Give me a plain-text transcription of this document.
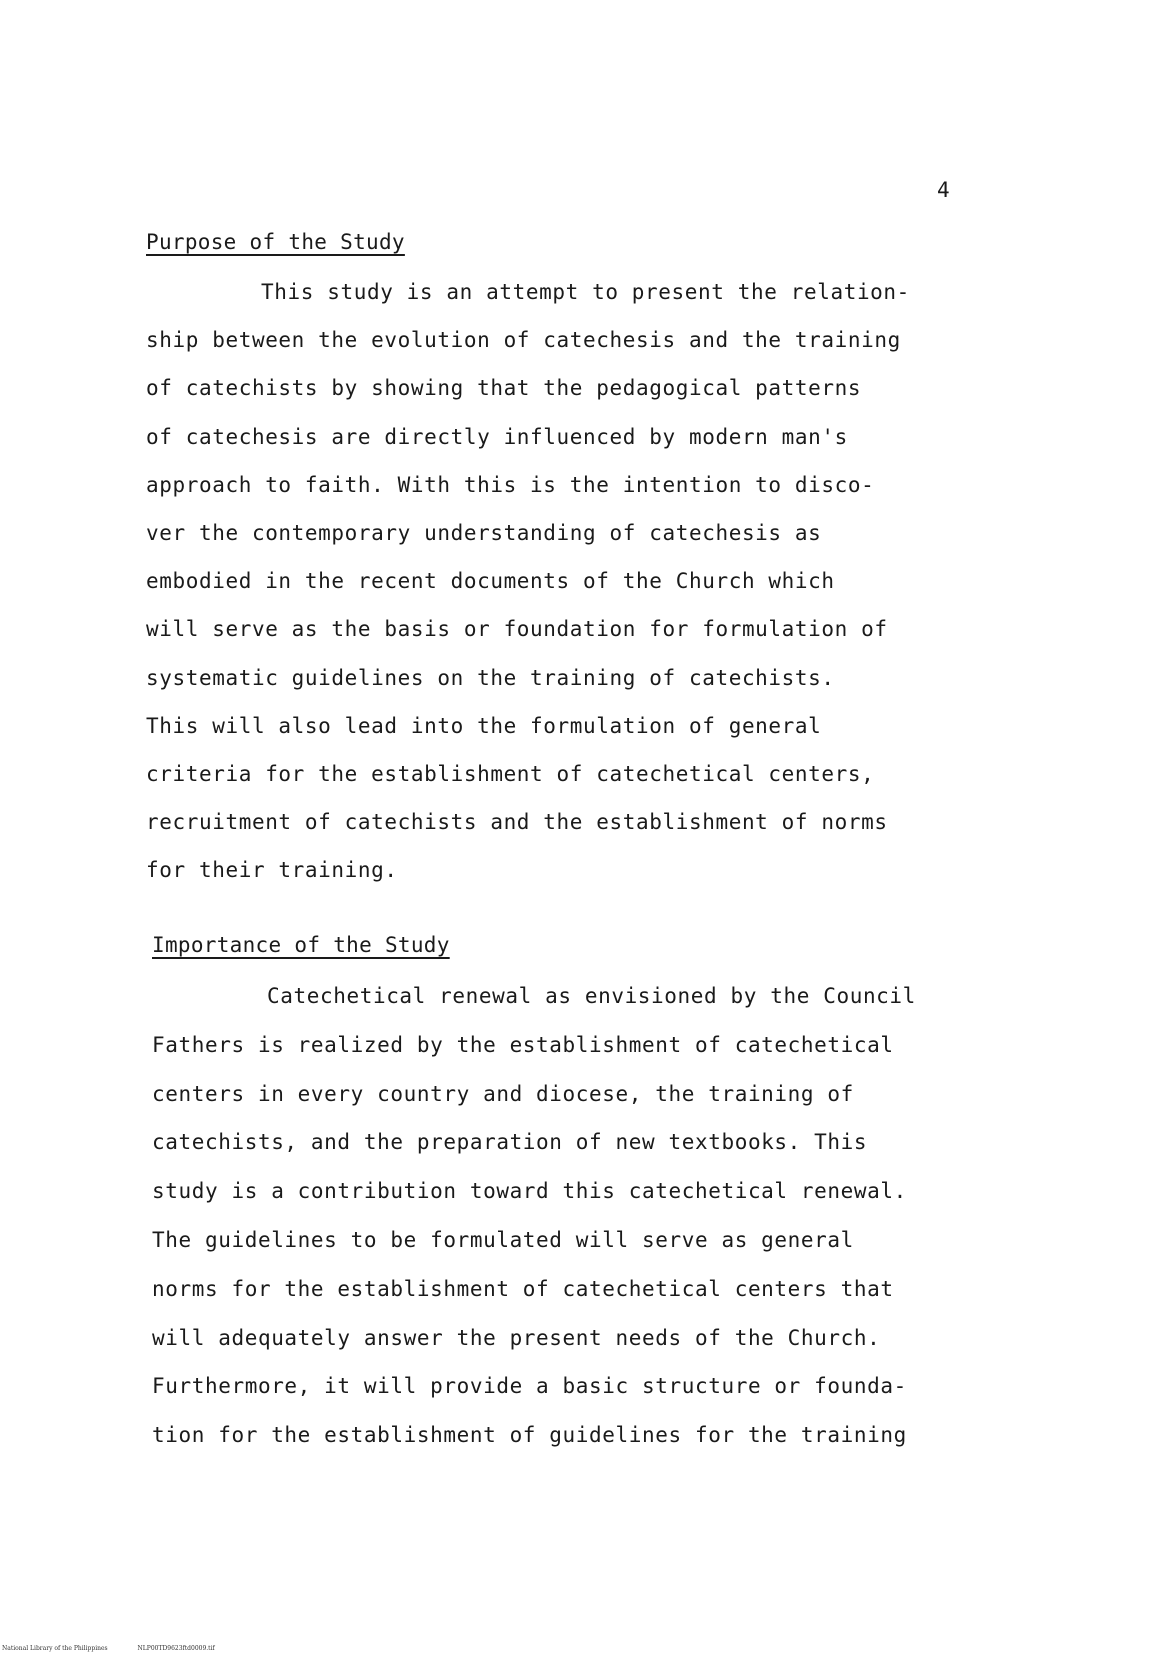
4

Purpose of the Study
This study is an attempt to present the relation-
ship between the evolution of catechesis and the training
of catechists by showing that the pedagogical patterns
of catechesis are directly influenced by modern man's
approach to faith. With this is the intention to disco-
ver the contemporary understanding of catechesis as
embodied in the recent documents of the Church which
will serve as the basis or foundation for formulation of
systematic guidelines on the training of catechists.
This will also lead into the formulation of general
criteria for the establishment of catechetical centers,
recruitment of catechists and the establishment of norms
for their training.
Importance of the Study
Catechetical renewal as envisioned by the Council
Fathers is realized by the establishment of catechetical
centers in every country and diocese, the training of
catechists, and the preparation of new textbooks. This
study is a contribution toward this catechetical renewal.
The guidelines to be formulated will serve as general
norms for the establishment of catechetical centers that
will adequately answer the present needs of the Church.
Furthermore, it will provide a basic structure or founda-
tion for the establishment of guidelines for the training
National Library of the Philippines	NLP00TD9623ftd0009.tif
